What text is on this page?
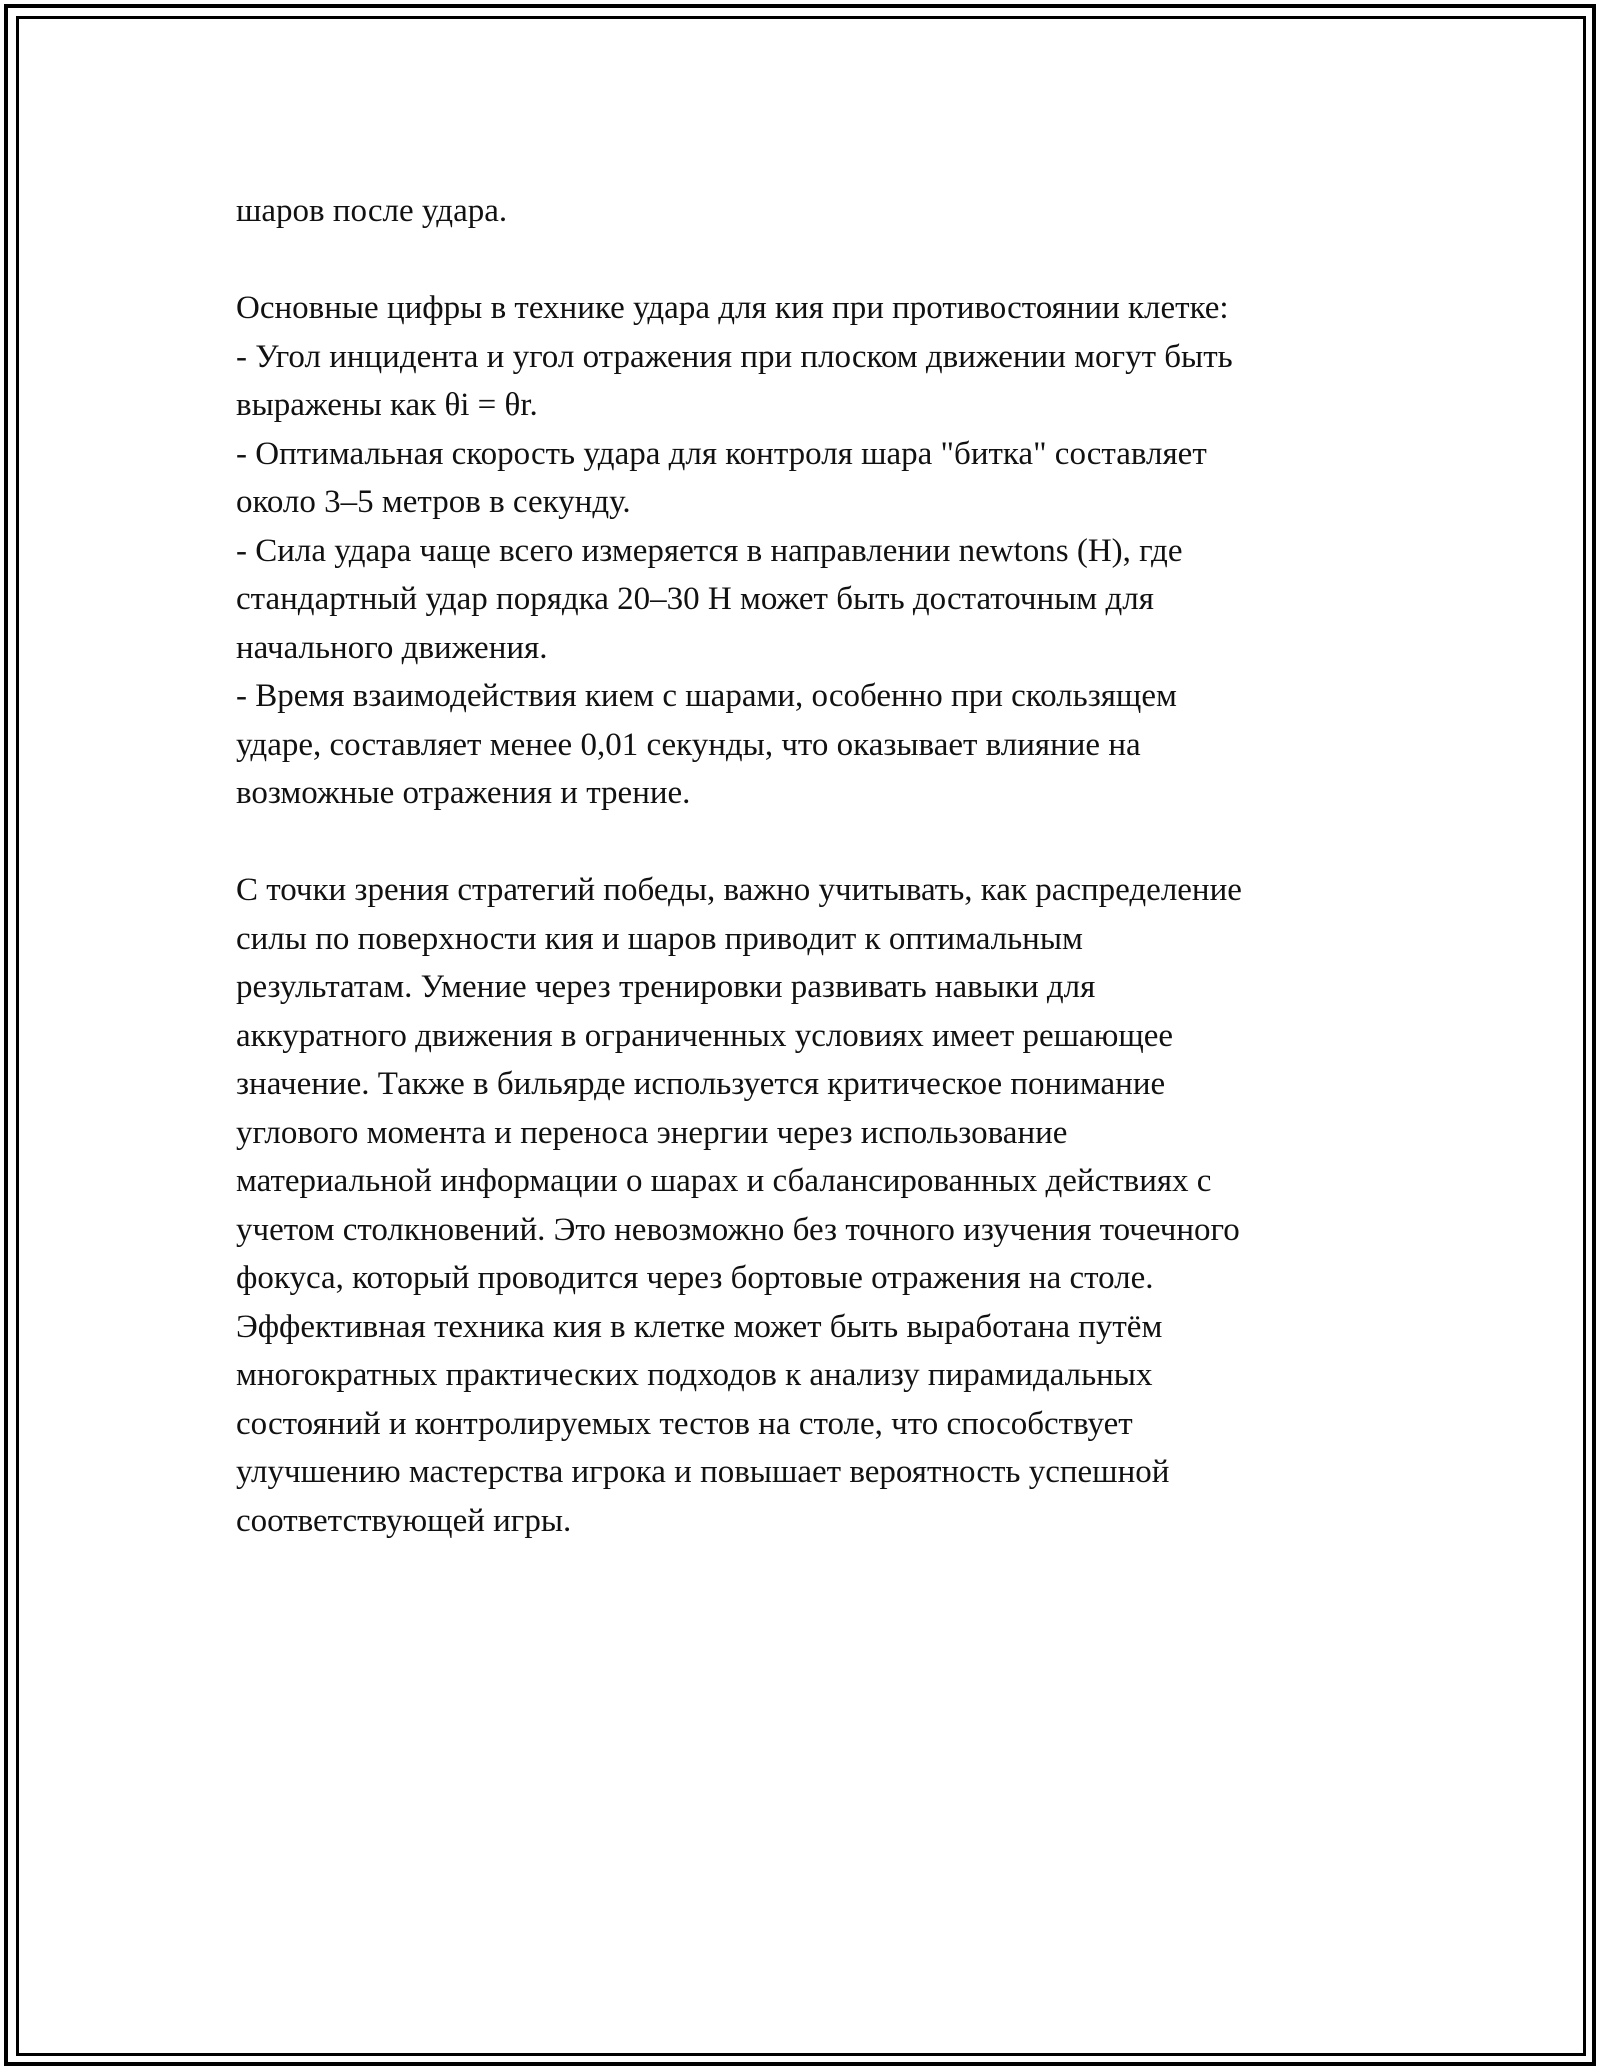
шаров после удара.
Основные цифры в технике удара для кия при противостоянии клетке:
- Угол инцидента и угол отражения при плоском движении могут быть
выражены как θi = θr.
- Оптимальная скорость удара для контроля шара "битка" составляет
около 3–5 метров в секунду.
- Сила удара чаще всего измеряется в направлении newtons (Н), где
стандартный удар порядка 20–30 Н может быть достаточным для
начального движения.
- Время взаимодействия кием с шарами, особенно при скользящем
ударе, составляет менее 0,01 секунды, что оказывает влияние на
возможные отражения и трение.
С точки зрения стратегий победы, важно учитывать, как распределение
силы по поверхности кия и шаров приводит к оптимальным
результатам. Умение через тренировки развивать навыки для
аккуратного движения в ограниченных условиях имеет решающее
значение. Также в бильярде используется критическое понимание
углового момента и переноса энергии через использование
материальной информации о шарах и сбалансированных действиях с
учетом столкновений. Это невозможно без точного изучения точечного
фокуса, который проводится через бортовые отражения на столе.
Эффективная техника кия в клетке может быть выработана путём
многократных практических подходов к анализу пирамидальных
состояний и контролируемых тестов на столе, что способствует
улучшению мастерства игрока и повышает вероятность успешной
соответствующей игры.
